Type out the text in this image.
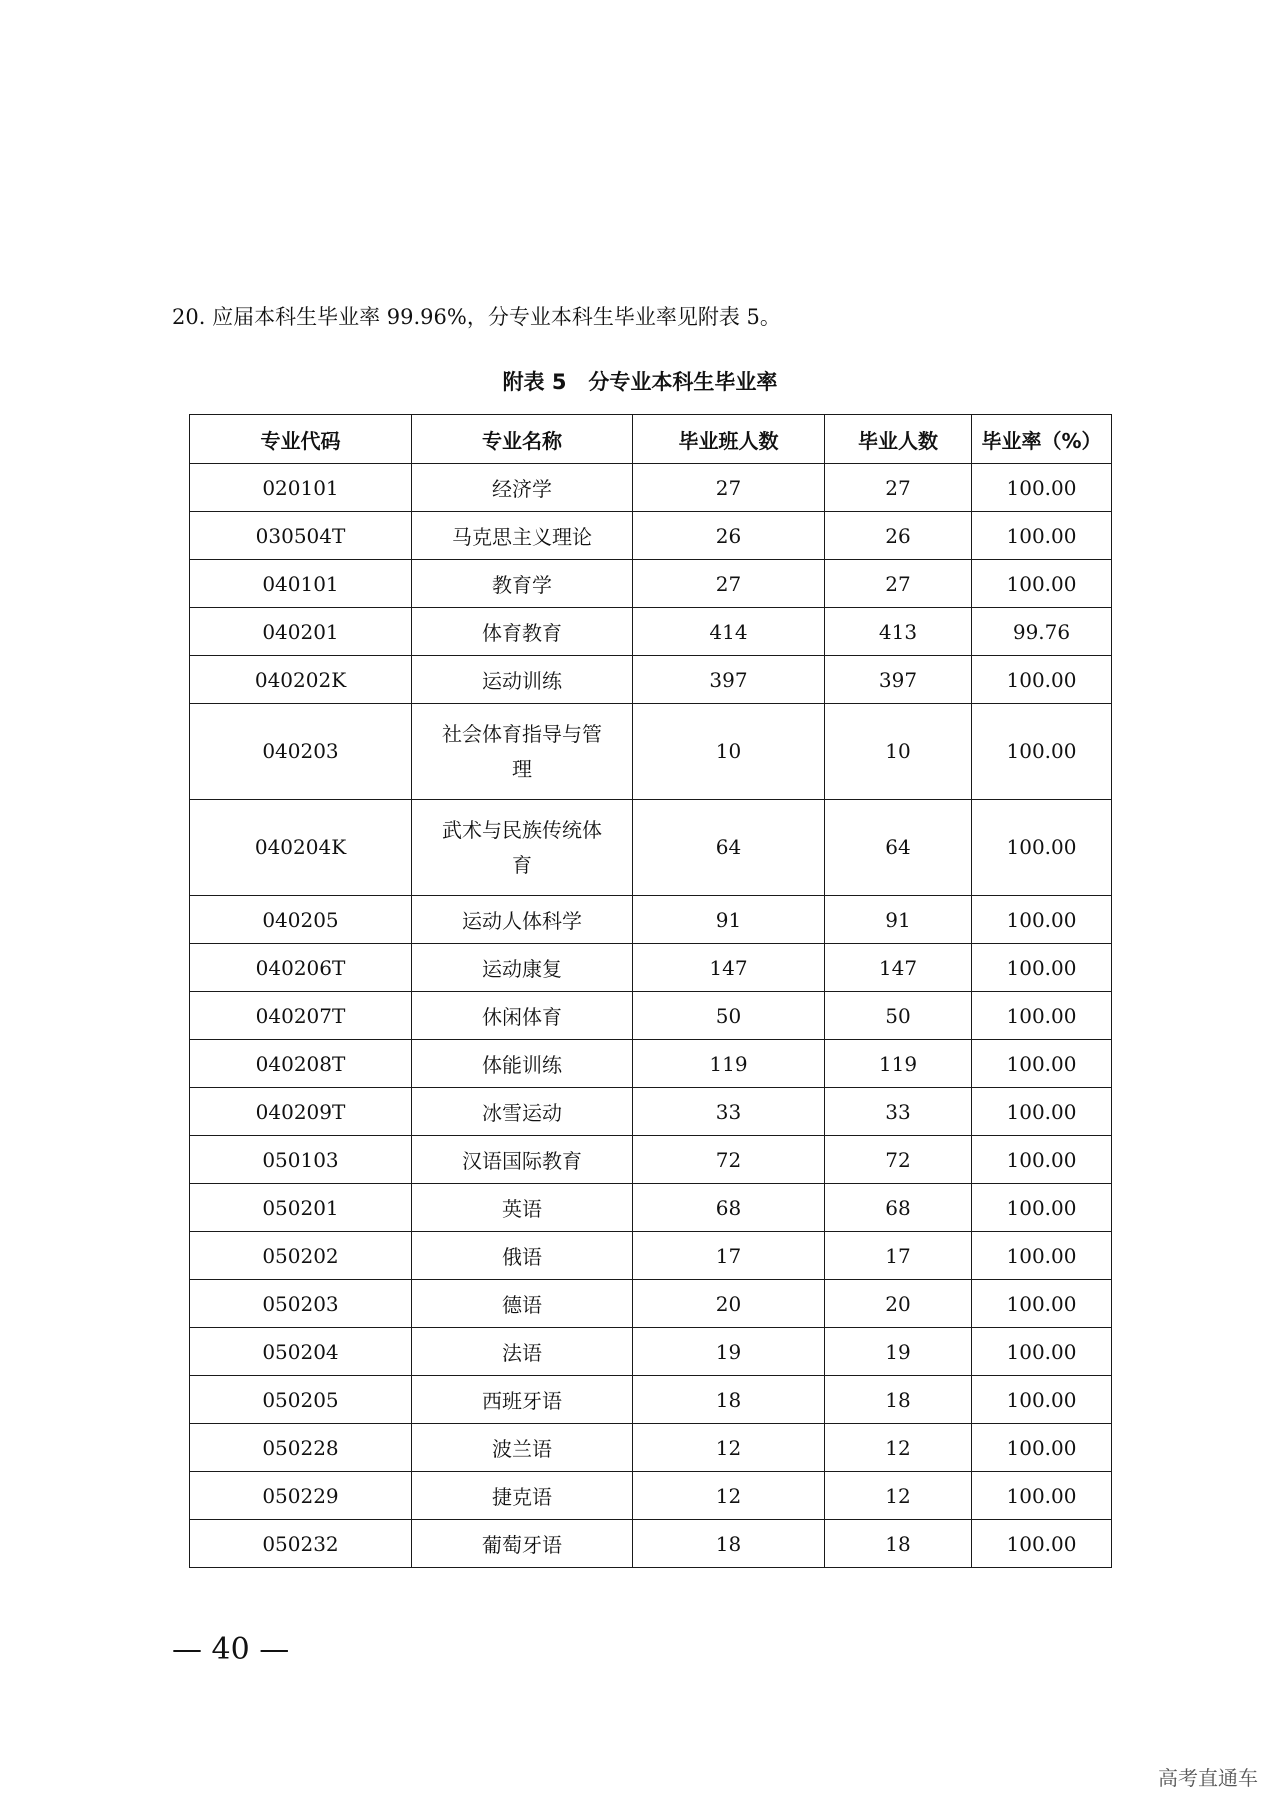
20. 应届本科生毕业率 99.96%，分专业本科生毕业率见附表 5。
附表 5   分专业本科生毕业率
专业代码	专业名称	毕业班人数	毕业人数	毕业率（%）
020101	经济学	27	27	100.00
030504T	马克思主义理论	26	26	100.00
040101	教育学	27	27	100.00
040201	体育教育	414	413	99.76
040202K	运动训练	397	397	100.00
040203	社会体育指导与管理	10	10	100.00
040204K	武术与民族传统体育	64	64	100.00
040205	运动人体科学	91	91	100.00
040206T	运动康复	147	147	100.00
040207T	休闲体育	50	50	100.00
040208T	体能训练	119	119	100.00
040209T	冰雪运动	33	33	100.00
050103	汉语国际教育	72	72	100.00
050201	英语	68	68	100.00
050202	俄语	17	17	100.00
050203	德语	20	20	100.00
050204	法语	19	19	100.00
050205	西班牙语	18	18	100.00
050228	波兰语	12	12	100.00
050229	捷克语	12	12	100.00
050232	葡萄牙语	18	18	100.00
— 40 —
高考直通车
